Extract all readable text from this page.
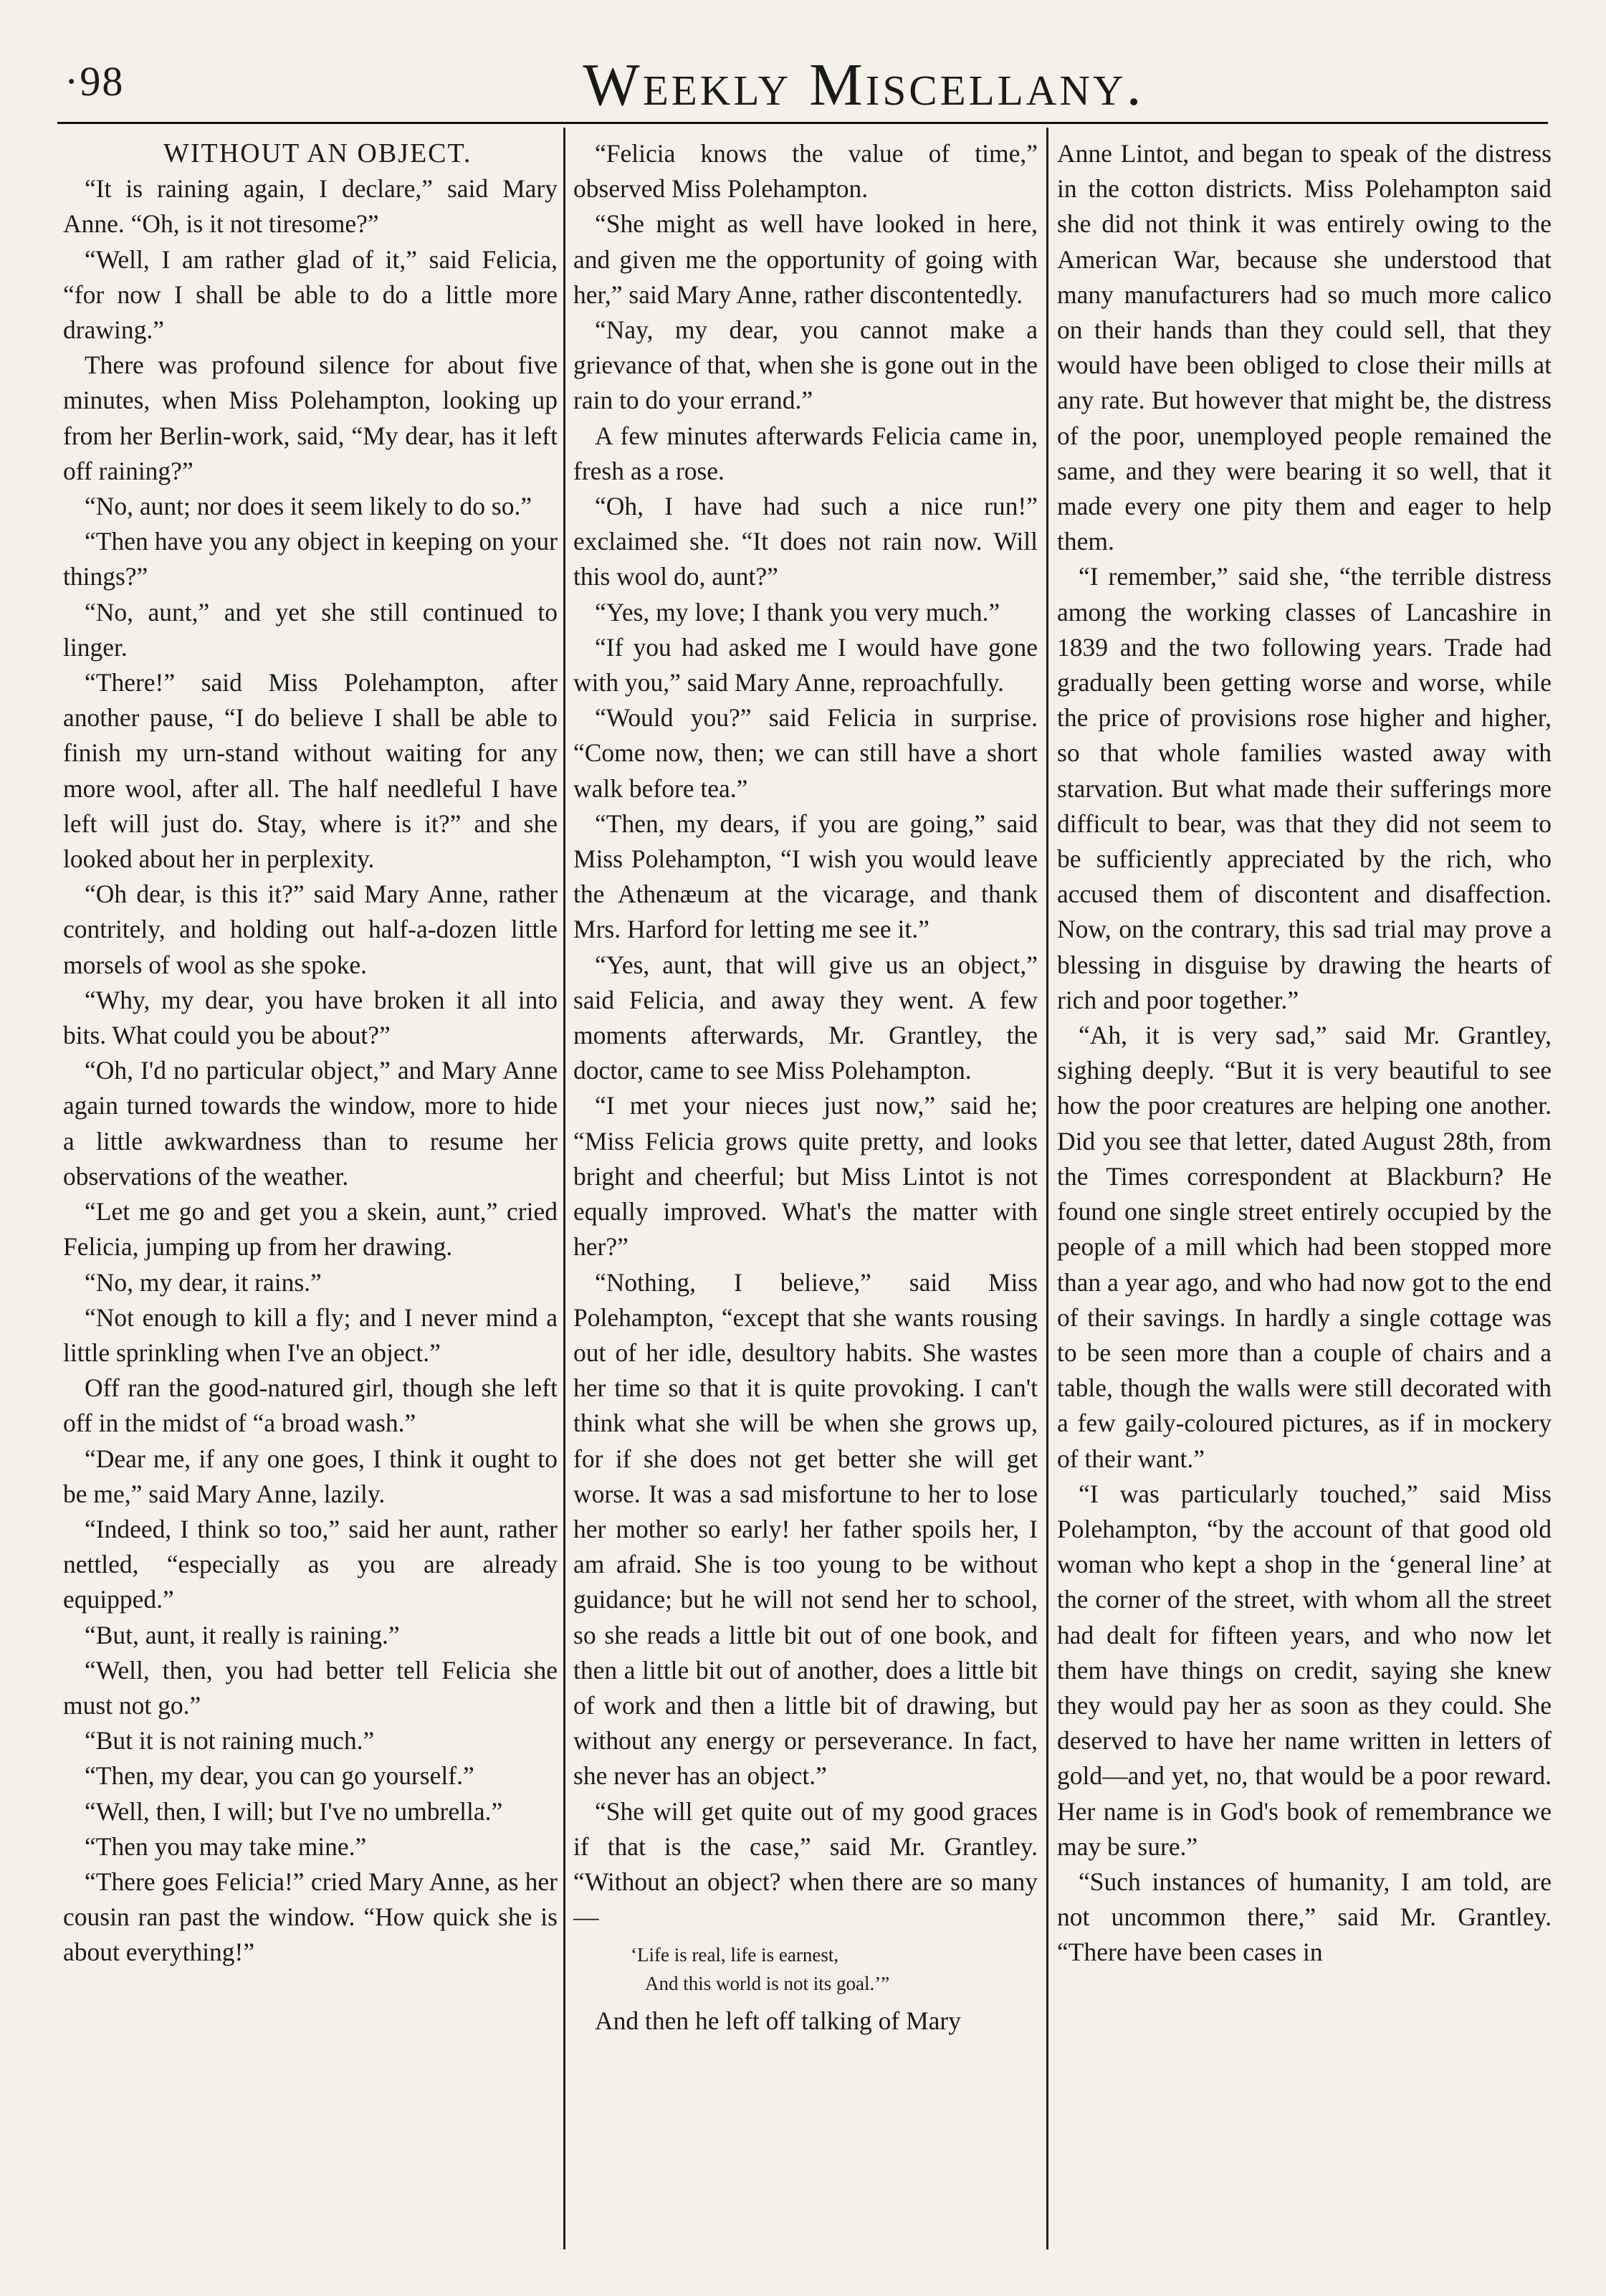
·98	Weekly Miscellany.
WITHOUT AN OBJECT.

“It is raining again, I declare,” said Mary Anne. “Oh, is it not tiresome?”

“Well, I am rather glad of it,” said Felicia, “for now I shall be able to do a little more drawing.”

There was profound silence for about five minutes, when Miss Polehampton, looking up from her Berlin-work, said, “My dear, has it left off raining?”

“No, aunt; nor does it seem likely to do so.”

“Then have you any object in keeping on your things?”

“No, aunt,” and yet she still continued to linger.

“There!” said Miss Polehampton, after another pause, “I do believe I shall be able to finish my urn-stand without waiting for any more wool, after all. The half needleful I have left will just do. Stay, where is it?” and she looked about her in perplexity.

“Oh dear, is this it?” said Mary Anne, rather contritely, and holding out half-a-dozen little morsels of wool as she spoke.

“Why, my dear, you have broken it all into bits. What could you be about?”

“Oh, I'd no particular object,” and Mary Anne again turned towards the window, more to hide a little awkwardness than to resume her observations of the weather.

“Let me go and get you a skein, aunt,” cried Felicia, jumping up from her drawing.

“No, my dear, it rains.”

“Not enough to kill a fly; and I never mind a little sprinkling when I've an object.”

Off ran the good-natured girl, though she left off in the midst of “a broad wash.”

“Dear me, if any one goes, I think it ought to be me,” said Mary Anne, lazily.

“Indeed, I think so too,” said her aunt, rather nettled, “especially as you are already equipped.”

“But, aunt, it really is raining.”

“Well, then, you had better tell Felicia she must not go.”

“But it is not raining much.”

“Then, my dear, you can go yourself.”

“Well, then, I will; but I've no umbrella.”

“Then you may take mine.”

“There goes Felicia!” cried Mary Anne, as her cousin ran past the window. “How quick she is about everything!”

“Felicia knows the value of time,” observed Miss Polehampton.

“She might as well have looked in here, and given me the opportunity of going with her,” said Mary Anne, rather discontentedly.

“Nay, my dear, you cannot make a grievance of that, when she is gone out in the rain to do your errand.”

A few minutes afterwards Felicia came in, fresh as a rose.

“Oh, I have had such a nice run!” exclaimed she. “It does not rain now. Will this wool do, aunt?”

“Yes, my love; I thank you very much.”

“If you had asked me I would have gone with you,” said Mary Anne, reproachfully.

“Would you?” said Felicia in surprise. “Come now, then; we can still have a short walk before tea.”

“Then, my dears, if you are going,” said Miss Polehampton, “I wish you would leave the Athenæum at the vicarage, and thank Mrs. Harford for letting me see it.”

“Yes, aunt, that will give us an object,” said Felicia, and away they went. A few moments afterwards, Mr. Grantley, the doctor, came to see Miss Polehampton.

“I met your nieces just now,” said he; “Miss Felicia grows quite pretty, and looks bright and cheerful; but Miss Lintot is not equally improved. What's the matter with her?”

“Nothing, I believe,” said Miss Polehampton, “except that she wants rousing out of her idle, desultory habits. She wastes her time so that it is quite provoking. I can't think what she will be when she grows up, for if she does not get better she will get worse. It was a sad misfortune to her to lose her mother so early! her father spoils her, I am afraid. She is too young to be without guidance; but he will not send her to school, so she reads a little bit out of one book, and then a little bit out of another, does a little bit of work and then a little bit of drawing, but without any energy or perseverance. In fact, she never has an object.”

“She will get quite out of my good graces if that is the case,” said Mr. Grantley. “Without an object? when there are so many—

‘Life is real, life is earnest,
And this world is not its goal.’”

And then he left off talking of Mary

Anne Lintot, and began to speak of the distress in the cotton districts. Miss Polehampton said she did not think it was entirely owing to the American War, because she understood that many manufacturers had so much more calico on their hands than they could sell, that they would have been obliged to close their mills at any rate. But however that might be, the distress of the poor, unemployed people remained the same, and they were bearing it so well, that it made every one pity them and eager to help them.

“I remember,” said she, “the terrible distress among the working classes of Lancashire in 1839 and the two following years. Trade had gradually been getting worse and worse, while the price of provisions rose higher and higher, so that whole families wasted away with starvation. But what made their sufferings more difficult to bear, was that they did not seem to be sufficiently appreciated by the rich, who accused them of discontent and disaffection. Now, on the contrary, this sad trial may prove a blessing in disguise by drawing the hearts of rich and poor together.”

“Ah, it is very sad,” said Mr. Grantley, sighing deeply. “But it is very beautiful to see how the poor creatures are helping one another. Did you see that letter, dated August 28th, from the Times correspondent at Blackburn? He found one single street entirely occupied by the people of a mill which had been stopped more than a year ago, and who had now got to the end of their savings. In hardly a single cottage was to be seen more than a couple of chairs and a table, though the walls were still decorated with a few gaily-coloured pictures, as if in mockery of their want.”

“I was particularly touched,” said Miss Polehampton, “by the account of that good old woman who kept a shop in the ‘general line’ at the corner of the street, with whom all the street had dealt for fifteen years, and who now let them have things on credit, saying she knew they would pay her as soon as they could. She deserved to have her name written in letters of gold—and yet, no, that would be a poor reward. Her name is in God's book of remembrance we may be sure.”

“Such instances of humanity, I am told, are not uncommon there,” said Mr. Grantley. “There have been cases in
